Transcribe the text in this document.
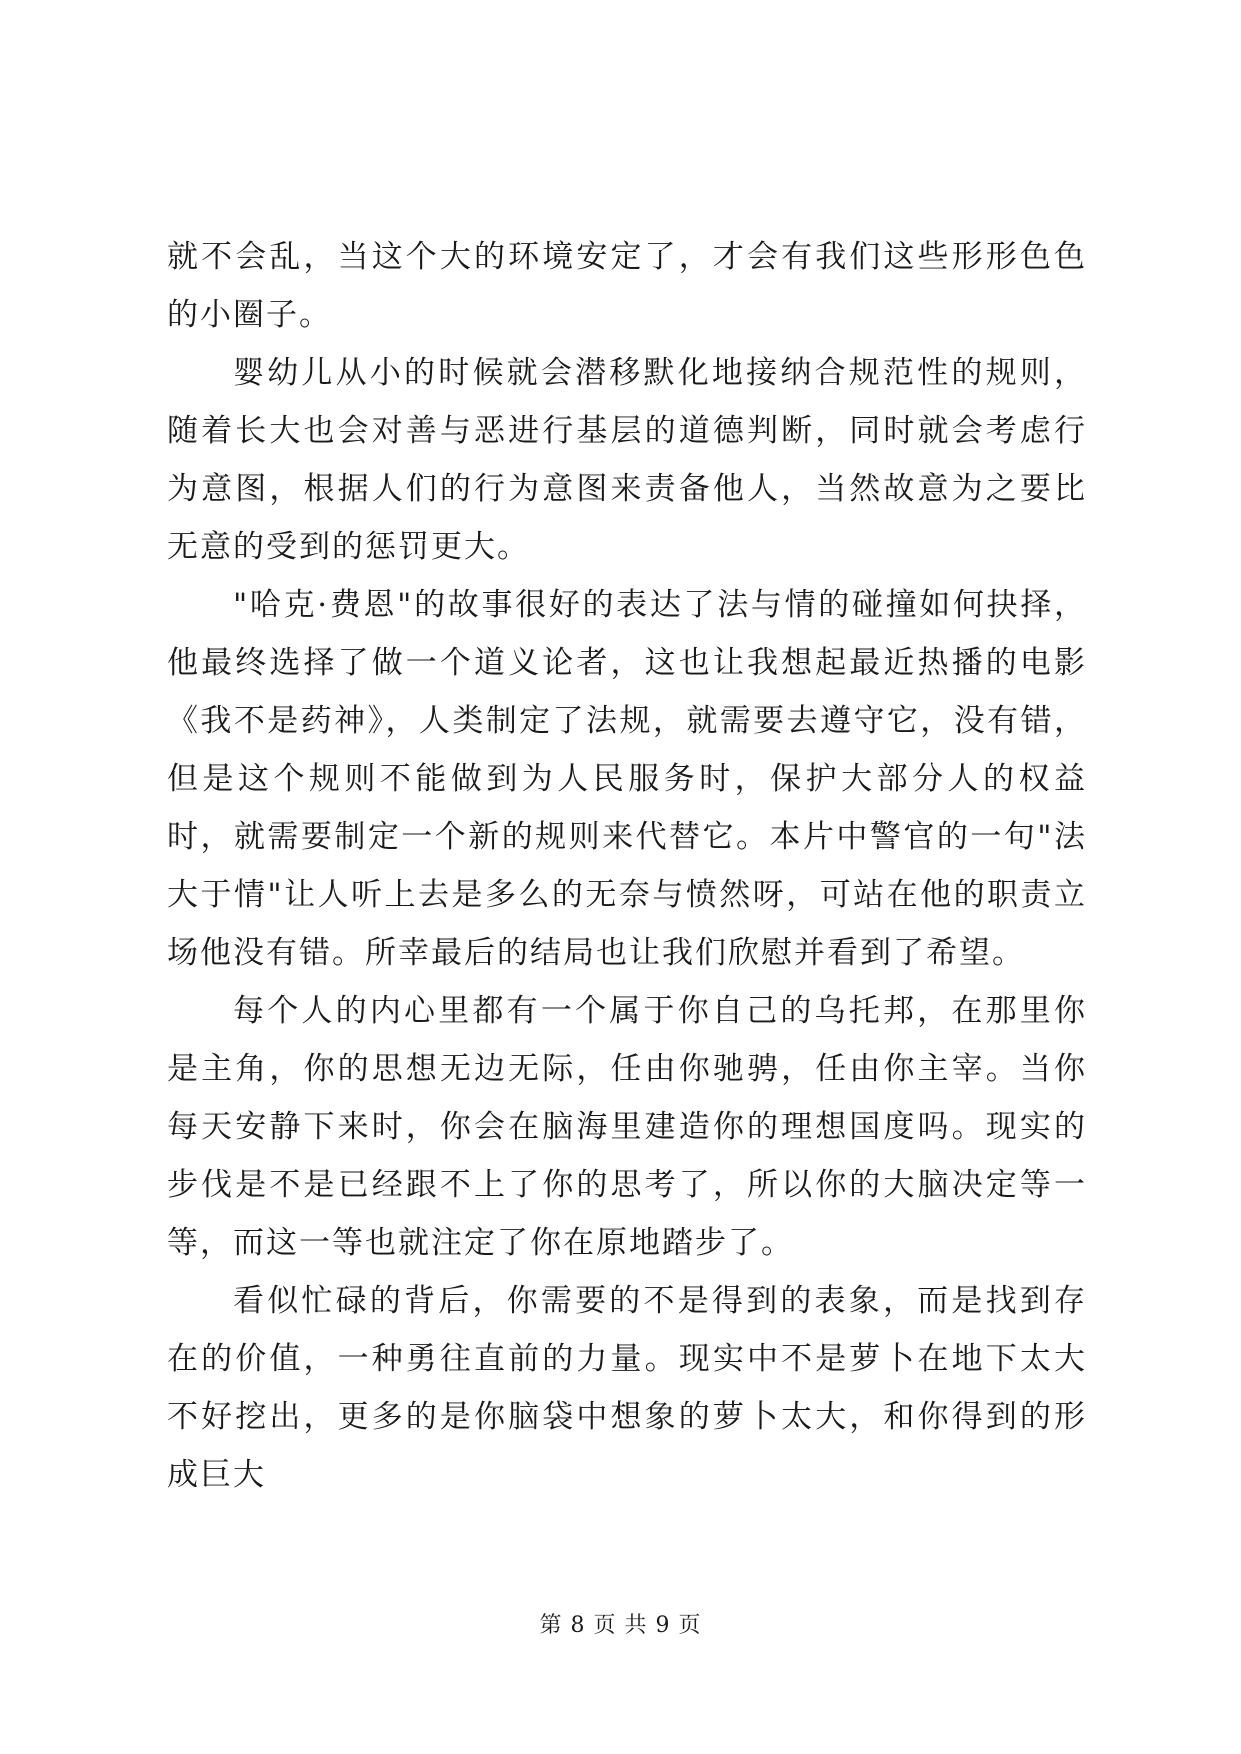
就不会乱，当这个大的环境安定了，才会有我们这些形形色色的小圈子。

婴幼儿从小的时候就会潜移默化地接纳合规范性的规则，随着长大也会对善与恶进行基层的道德判断，同时就会考虑行为意图，根据人们的行为意图来责备他人，当然故意为之要比无意的受到的惩罚更大。

"哈克·费恩"的故事很好的表达了法与情的碰撞如何抉择，他最终选择了做一个道义论者，这也让我想起最近热播的电影《我不是药神》，人类制定了法规，就需要去遵守它，没有错，但是这个规则不能做到为人民服务时，保护大部分人的权益时，就需要制定一个新的规则来代替它。本片中警官的一句"法大于情"让人听上去是多么的无奈与愤然呀，可站在他的职责立场他没有错。所幸最后的结局也让我们欣慰并看到了希望。

每个人的内心里都有一个属于你自己的乌托邦，在那里你是主角，你的思想无边无际，任由你驰骋，任由你主宰。当你每天安静下来时，你会在脑海里建造你的理想国度吗。现实的步伐是不是已经跟不上了你的思考了，所以你的大脑决定等一等，而这一等也就注定了你在原地踏步了。

看似忙碌的背后，你需要的不是得到的表象，而是找到存在的价值，一种勇往直前的力量。现实中不是萝卜在地下太大不好挖出，更多的是你脑袋中想象的萝卜太大，和你得到的形成巨大

第 8 页 共 9 页
